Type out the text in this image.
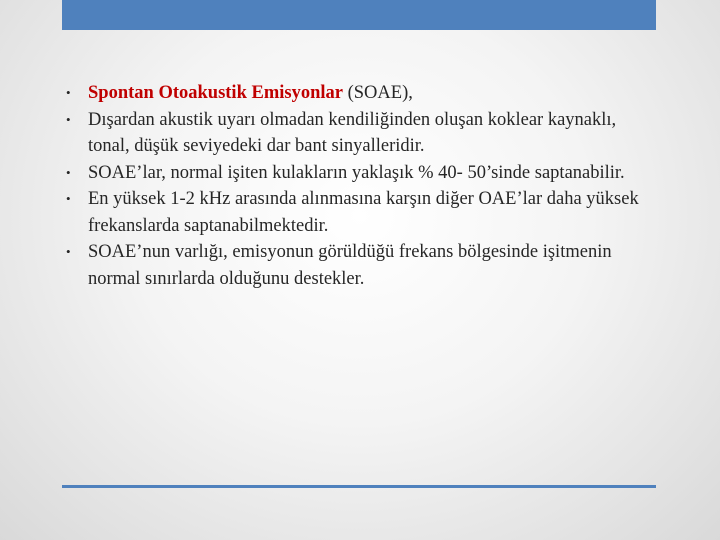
• Spontan Otoakustik Emisyonlar (SOAE),
• Dışardan akustik uyarı olmadan kendiliğinden oluşan koklear kaynaklı, tonal, düşük seviyedeki dar bant sinyalleridir.
• SOAE’lar, normal işiten kulakların yaklaşık % 40- 50’sinde saptanabilir.
• En yüksek 1-2 kHz arasında alınmasına karşın diğer OAE’lar daha yüksek frekanslarda saptanabilmektedir.
• SOAE’nun varlığı, emisyonun görüldüğü frekans bölgesinde işitmenin normal sınırlarda olduğunu destekler.
